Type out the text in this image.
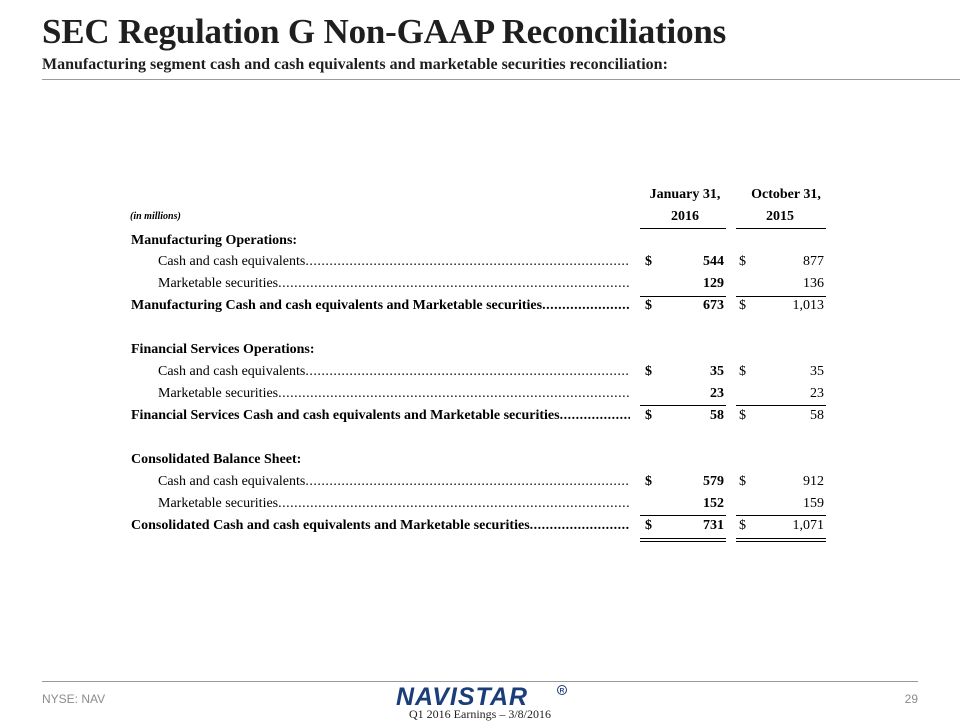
SEC Regulation G Non-GAAP Reconciliations
Manufacturing segment cash and cash equivalents and marketable securities reconciliation:
January 31,
2016
October 31,
2015
(in millions)
Manufacturing Operations:
Cash and cash equivalents .....	$	544 $	877
Marketable securities .....	129	136
Manufacturing Cash and cash equivalents and Marketable securities .....	$	673 $	1,013
Financial Services Operations:
Cash and cash equivalents .....	$	35 $	35
Marketable securities .....	23	23
Financial Services Cash and cash equivalents and Marketable securities .....	$	58 $	58
Consolidated Balance Sheet:
Cash and cash equivalents .....	$	579 $	912
Marketable securities .....	152	159
Consolidated Cash and cash equivalents and Marketable securities .....	$	731 $	1,071
NYSE: NAV	NAVISTAR	R
Q1 2016 Earnings – 3/8/2016
29
